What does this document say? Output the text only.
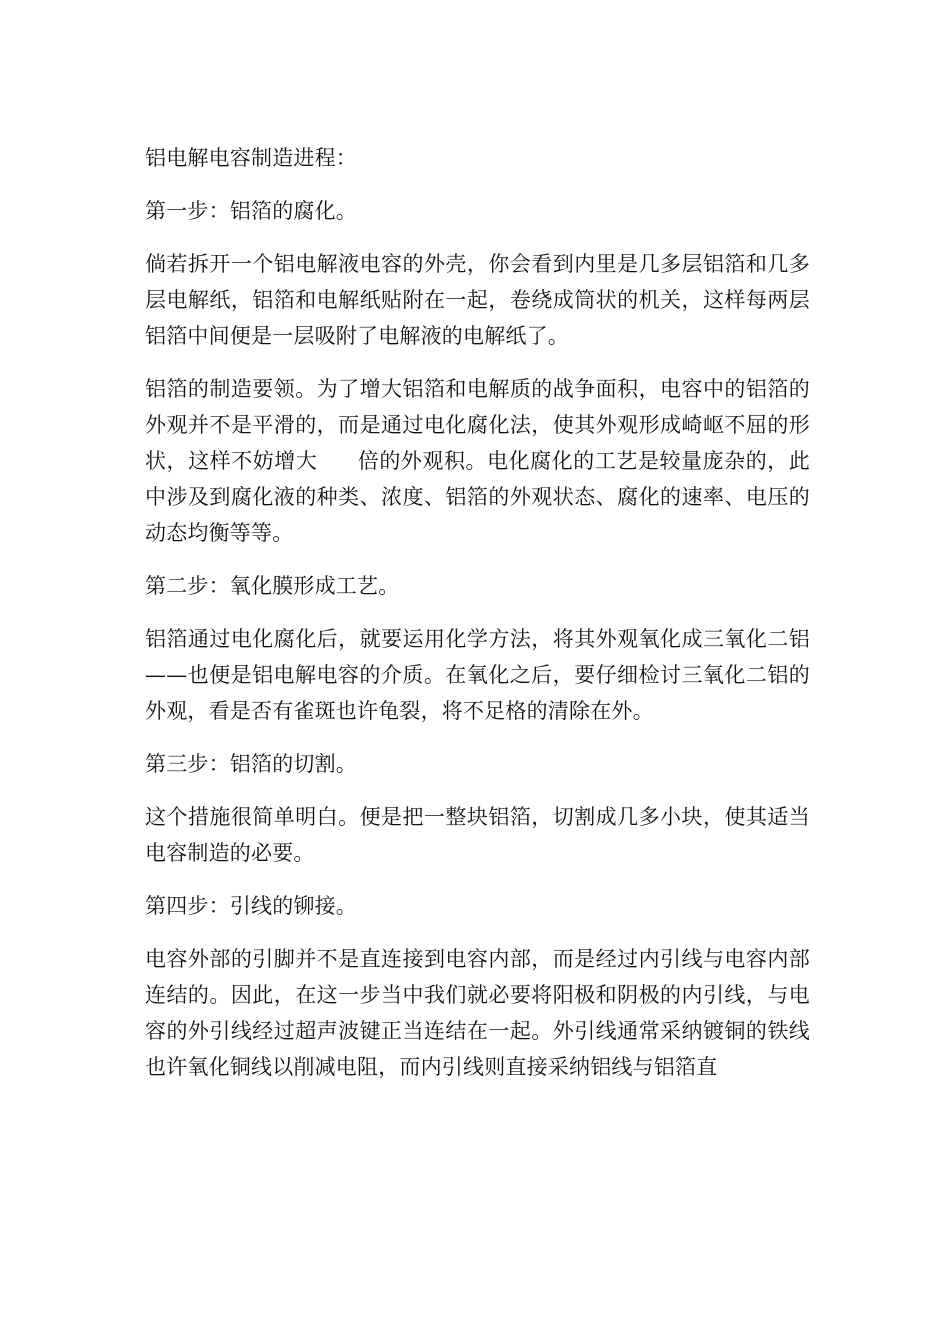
铝电解电容制造进程：

第一步：铝箔的腐化。

倘若拆开一个铝电解液电容的外壳，你会看到内里是几多层铝箔和几多层电解纸，铝箔和电解纸贴附在一起，卷绕成筒状的机关，这样每两层铝箔中间便是一层吸附了电解液的电解纸了。

铝箔的制造要领。为了增大铝箔和电解质的战争面积，电容中的铝箔的外观并不是平滑的，而是通过电化腐化法，使其外观形成崎岖不屈的形状，这样不妨增大 倍的外观积。电化腐化的工艺是较量庞杂的，此中涉及到腐化液的种类、浓度、铝箔的外观状态、腐化的速率、电压的动态均衡等等。

第二步：氧化膜形成工艺。

铝箔通过电化腐化后，就要运用化学方法，将其外观氧化成三氧化二铝——也便是铝电解电容的介质。在氧化之后，要仔细检讨三氧化二铝的外观，看是否有雀斑也许龟裂，将不足格的清除在外。

第三步：铝箔的切割。

这个措施很简单明白。便是把一整块铝箔，切割成几多小块，使其适当电容制造的必要。

第四步：引线的铆接。

电容外部的引脚并不是直连接到电容内部，而是经过内引线与电容内部连结的。因此，在这一步当中我们就必要将阳极和阴极的内引线，与电容的外引线经过超声波键正当连结在一起。外引线通常采纳镀铜的铁线也许氧化铜线以削减电阻，而内引线则直接采纳铝线与铝箔直
